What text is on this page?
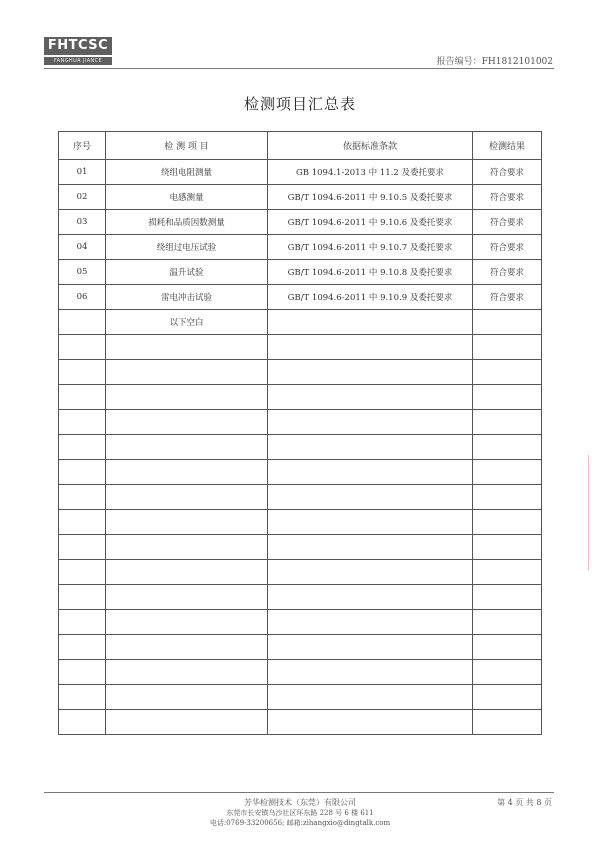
FHTCSC
FANGHUA JIANCE	报告编号：FH1812101002
检测项目汇总表
序号	检 测 项 目	依据标准条款	检测结果
01	绕组电阻测量	GB 1094.1-2013 中 11.2 及委托要求	符合要求
02	电感测量	GB/T 1094.6-2011 中 9.10.5 及委托要求	符合要求
03	损耗和品质因数测量	GB/T 1094.6-2011 中 9.10.6 及委托要求	符合要求
04	绕组过电压试验	GB/T 1094.6-2011 中 9.10.7 及委托要求	符合要求
05	温升试验	GB/T 1094.6-2011 中 9.10.8 及委托要求	符合要求
06	雷电冲击试验	GB/T 1094.6-2011 中 9.10.9 及委托要求	符合要求
	以下空白		

芳华检测技术（东莞）有限公司
东莞市长安镇乌沙社区环东路 228 号 6 楼 611
电话:0769-33200656; 邮箱:zihangxio@dingtalk.com
第 4 页 共 8 页
